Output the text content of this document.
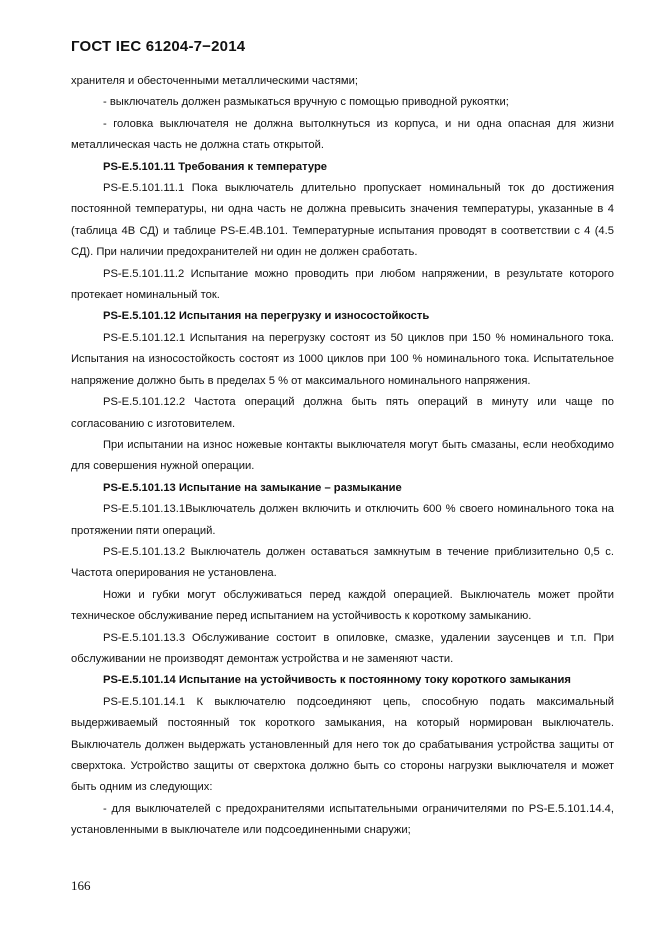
ГОСТ IEC 61204-7−2014

хранителя и обесточенными металлическими частями;

- выключатель должен размыкаться вручную с помощью приводной рукоятки;

- головка выключателя не должна вытолкнуться из корпуса, и ни одна опасная для жизни металлическая часть не должна стать открытой.

PS-E.5.101.11 Требования к температуре

PS-E.5.101.11.1 Пока выключатель длительно пропускает номинальный ток до достижения постоянной температуры, ни одна часть не должна превысить значения температуры, указанные в 4 (таблица 4В СД) и таблице PS-E.4В.101. Температурные испытания проводят в соответствии с 4 (4.5 СД). При наличии предохранителей ни один не должен сработать.

PS-E.5.101.11.2 Испытание можно проводить при любом напряжении, в результате которого протекает номинальный ток.

PS-E.5.101.12 Испытания на перегрузку и износостойкость

PS-E.5.101.12.1 Испытания на перегрузку состоят из 50 циклов при 150 % номинального тока. Испытания на износостойкость состоят из 1000 циклов при 100 % номинального тока. Испытательное напряжение должно быть в пределах 5 % от максимального номинального напряжения.

PS-E.5.101.12.2 Частота операций должна быть пять операций в минуту или чаще по согласованию с изготовителем.

При испытании на износ ножевые контакты выключателя могут быть смазаны, если необходимо для совершения нужной операции.

PS-E.5.101.13 Испытание на замыкание – размыкание

PS-E.5.101.13.1Выключатель должен включить и отключить 600 % своего номинального тока на протяжении пяти операций.

PS-E.5.101.13.2 Выключатель должен оставаться замкнутым в течение приблизительно 0,5 с. Частота оперирования не установлена.

Ножи и губки могут обслуживаться перед каждой операцией. Выключатель может пройти техническое обслуживание перед испытанием на устойчивость к короткому замыканию.

PS-E.5.101.13.3 Обслуживание состоит в опиловке, смазке, удалении заусенцев и т.п. При обслуживании не производят демонтаж устройства и не заменяют части.

PS-E.5.101.14 Испытание на устойчивость к постоянному току короткого замыкания

PS-E.5.101.14.1 К выключателю подсоединяют цепь, способную подать максимальный выдерживаемый постоянный ток короткого замыкания, на который нормирован выключатель. Выключатель должен выдержать установленный для него ток до срабатывания устройства защиты от сверхтока. Устройство защиты от сверхтока должно быть со стороны нагрузки выключателя и может быть одним из следующих:

- для выключателей с предохранителями испытательными ограничителями по PS-E.5.101.14.4, установленными в выключателе или подсоединенными снаружи;

166
